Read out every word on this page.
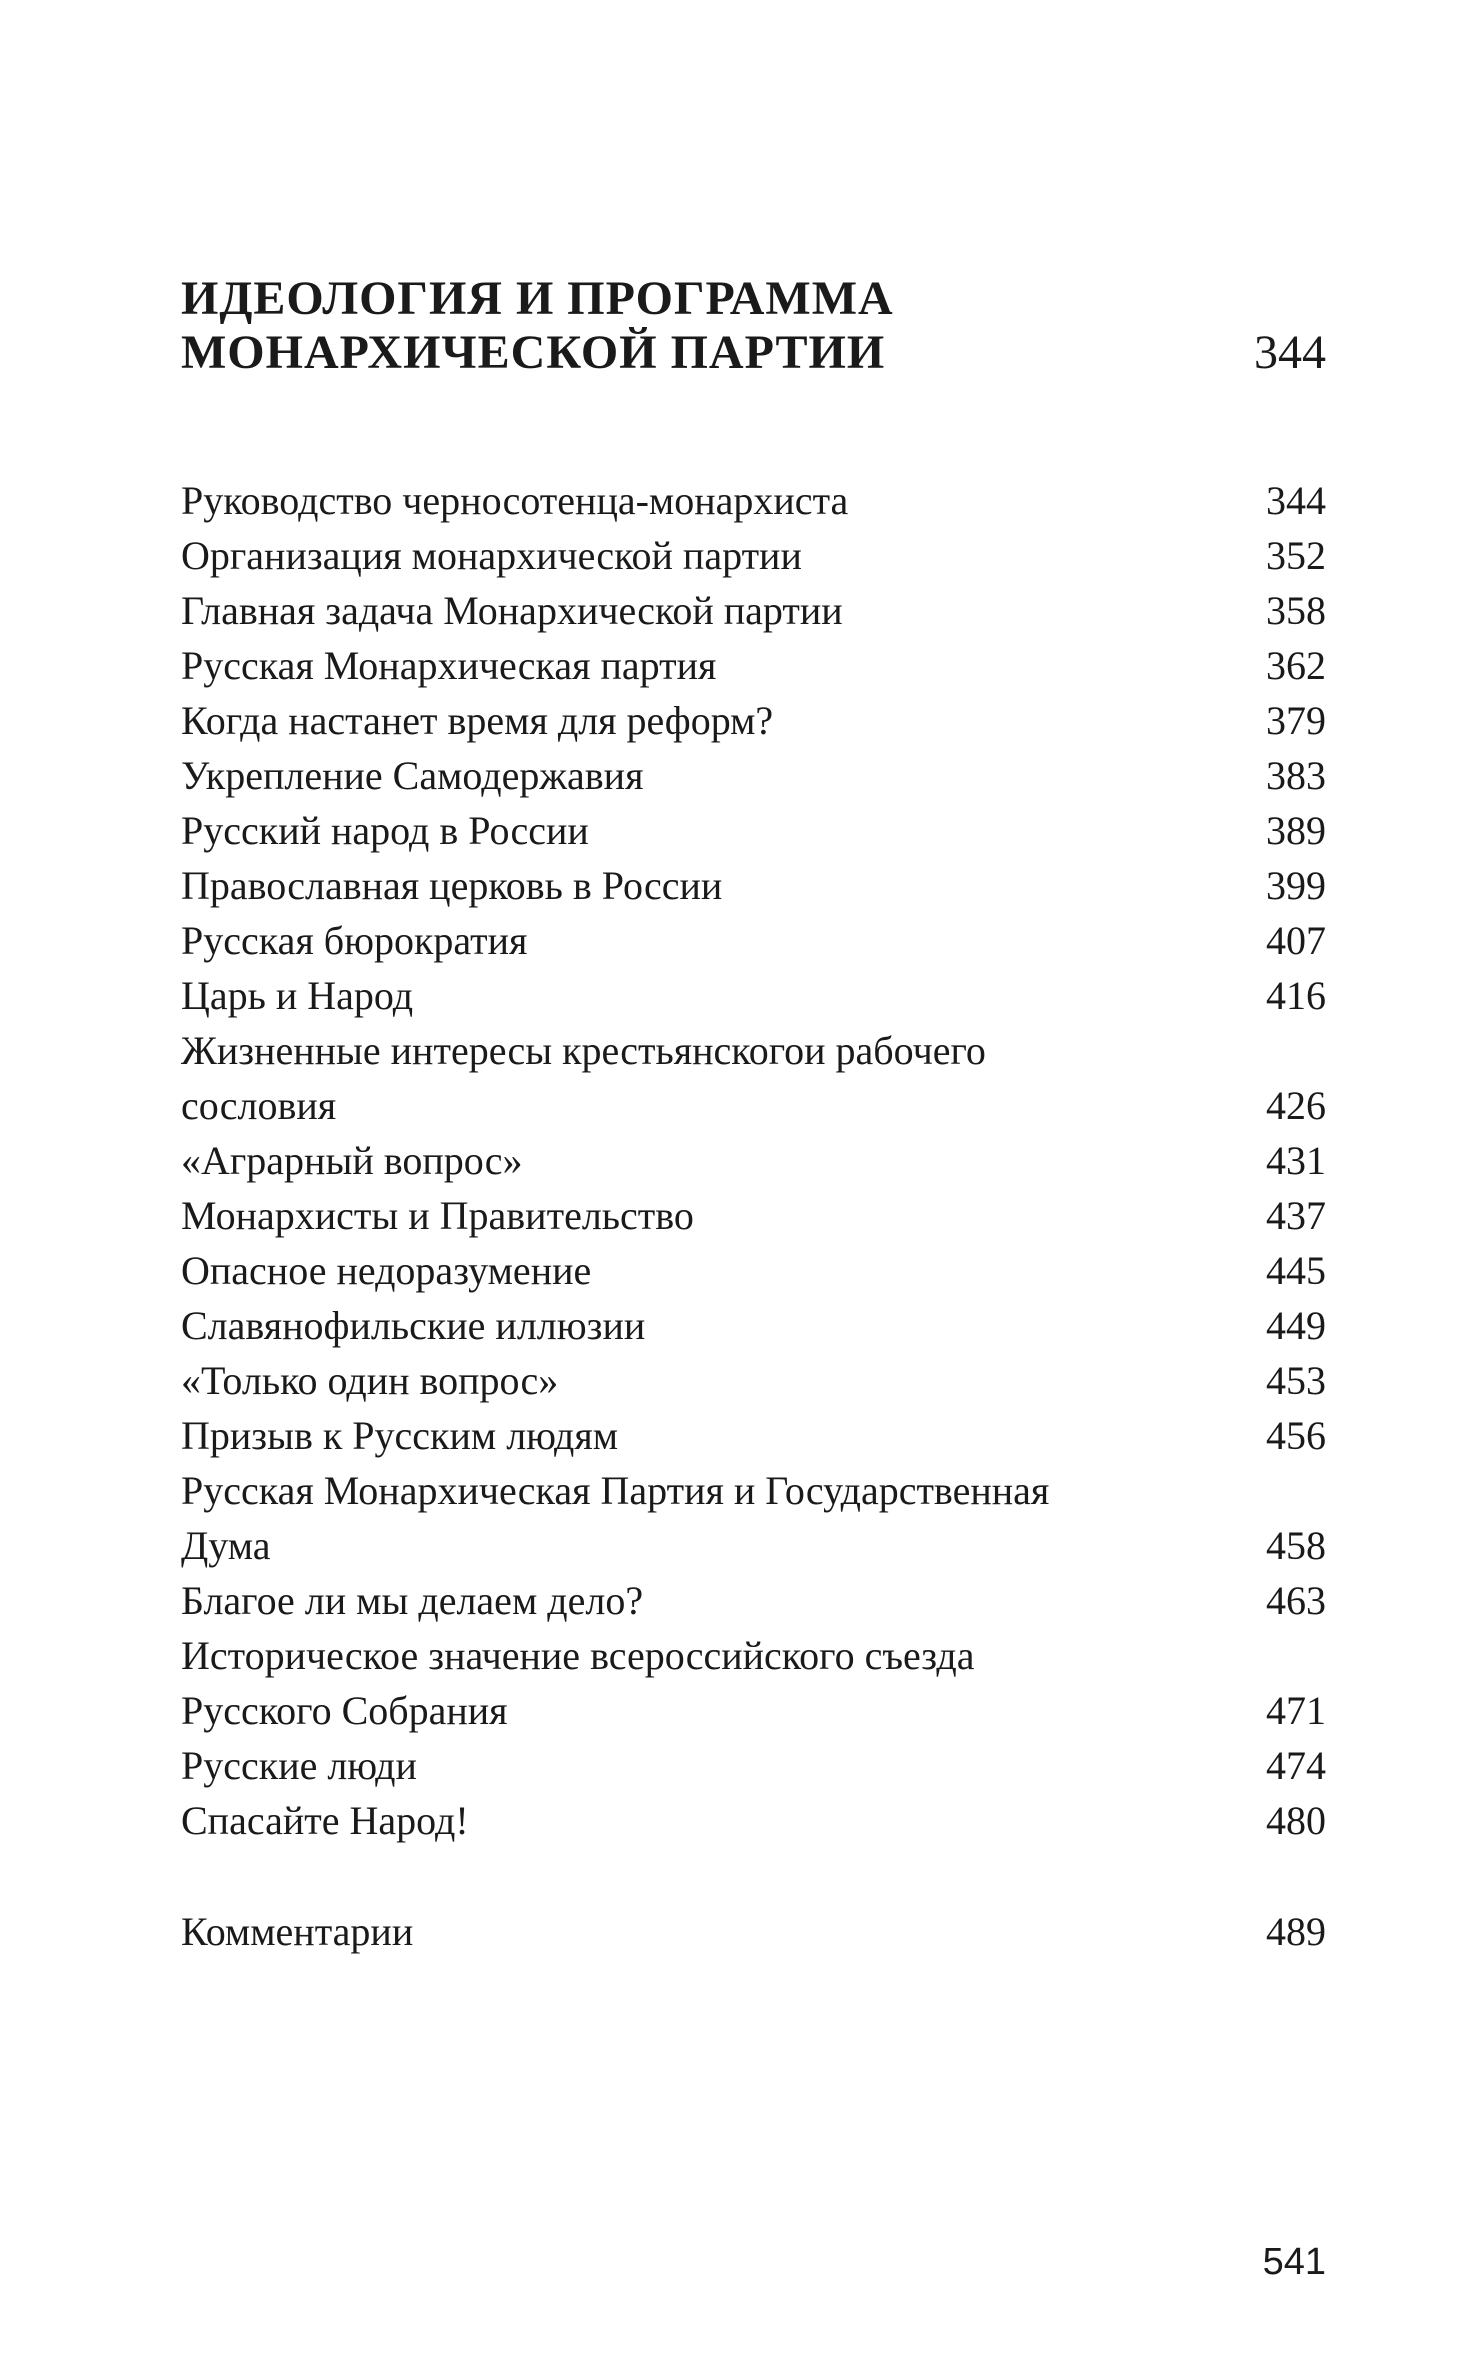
ИДЕОЛОГИЯ И ПРОГРАММА
МОНАРХИЧЕСКОЙ ПАРТИИ	344
Руководство черносотенца-монархиста	344
Организация монархической партии	352
Главная задача Монархической партии	358
Русская Монархическая партия	362
Когда настанет время для реформ?	379
Укрепление Самодержавия	383
Русский народ в России	389
Православная церковь в России	399
Русская бюрократия	407
Царь и Народ	416
Жизненные интересы крестьянскогои рабочего
сословия	426
«Аграрный вопрос»	431
Монархисты и Правительство	437
Опасное недоразумение	445
Славянофильские иллюзии	449
«Только один вопрос»	453
Призыв к Русским людям	456
Русская Монархическая Партия и Государственная
Дума	458
Благое ли мы делаем дело?	463
Историческое значение всероссийского съезда
Русского Собрания	471
Русские люди	474
Спасайте Народ!	480
Комментарии	489
541
